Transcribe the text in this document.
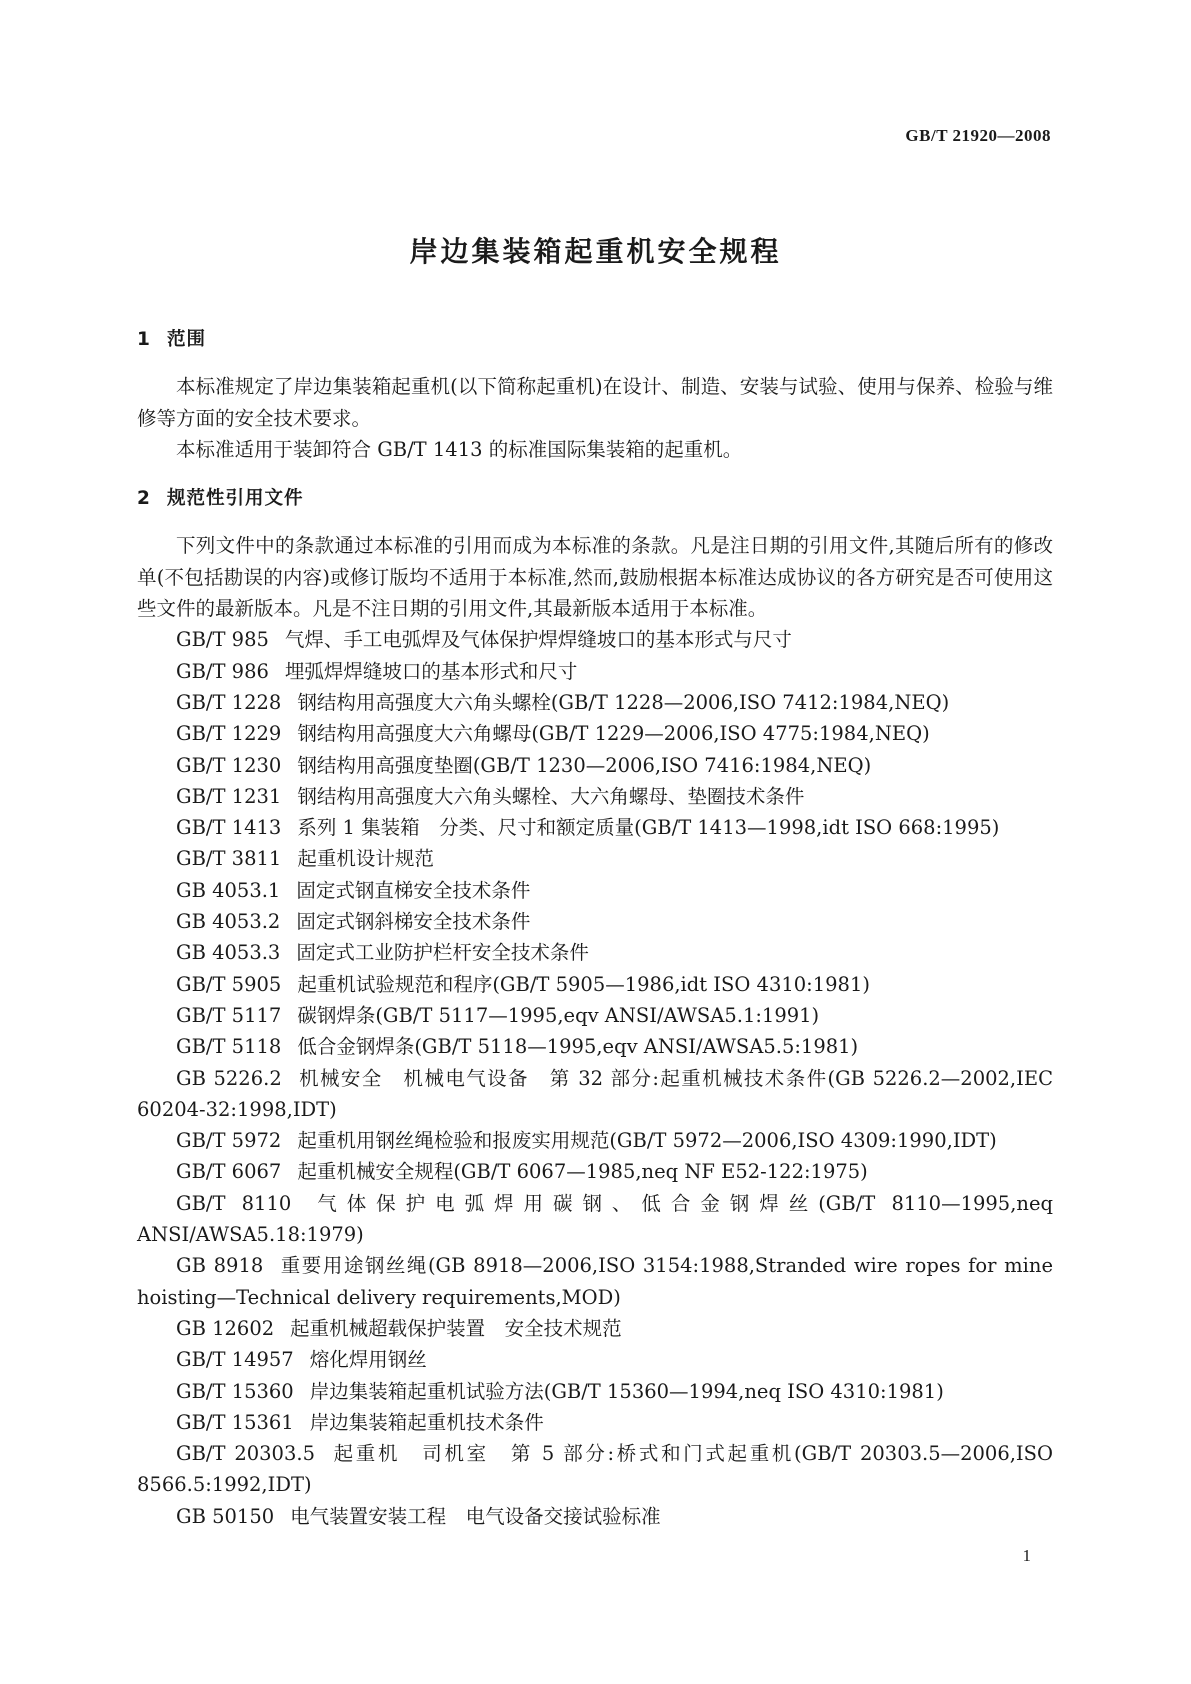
GB/T 21920—2008
岸边集装箱起重机安全规程
1 范围

本标准规定了岸边集装箱起重机(以下简称起重机)在设计、制造、安装与试验、使用与保养、检验与维修等方面的安全技术要求。

本标准适用于装卸符合 GB/T 1413 的标准国际集装箱的起重机。

2 规范性引用文件

下列文件中的条款通过本标准的引用而成为本标准的条款。凡是注日期的引用文件,其随后所有的修改单(不包括勘误的内容)或修订版均不适用于本标准,然而,鼓励根据本标准达成协议的各方研究是否可使用这些文件的最新版本。凡是不注日期的引用文件,其最新版本适用于本标准。

GB/T 985 气焊、手工电弧焊及气体保护焊焊缝坡口的基本形式与尺寸

GB/T 986 埋弧焊焊缝坡口的基本形式和尺寸

GB/T 1228 钢结构用高强度大六角头螺栓(GB/T 1228—2006,ISO 7412:1984,NEQ)

GB/T 1229 钢结构用高强度大六角螺母(GB/T 1229—2006,ISO 4775:1984,NEQ)

GB/T 1230 钢结构用高强度垫圈(GB/T 1230—2006,ISO 7416:1984,NEQ)

GB/T 1231 钢结构用高强度大六角头螺栓、大六角螺母、垫圈技术条件

GB/T 1413 系列 1 集装箱　分类、尺寸和额定质量(GB/T 1413—1998,idt ISO 668:1995)

GB/T 3811 起重机设计规范

GB 4053.1 固定式钢直梯安全技术条件

GB 4053.2 固定式钢斜梯安全技术条件

GB 4053.3 固定式工业防护栏杆安全技术条件

GB/T 5905 起重机试验规范和程序(GB/T 5905—1986,idt ISO 4310:1981)

GB/T 5117 碳钢焊条(GB/T 5117—1995,eqv ANSI/AWSA5.1:1991)

GB/T 5118 低合金钢焊条(GB/T 5118—1995,eqv ANSI/AWSA5.5:1981)

GB 5226.2 机械安全　机械电气设备　第 32 部分:起重机械技术条件(GB 5226.2—2002,IEC 60204-32:1998,IDT)

GB/T 5972 起重机用钢丝绳检验和报废实用规范(GB/T 5972—2006,ISO 4309:1990,IDT)

GB/T 6067 起重机械安全规程(GB/T 6067—1985,neq NF E52-122:1975)

GB/T 8110 气体保护电弧焊用碳钢、低合金钢焊丝(GB/T 8110—1995,neq ANSI/AWSA5.18:1979)

GB 8918 重要用途钢丝绳(GB 8918—2006,ISO 3154:1988,Stranded wire ropes for mine hoisting—Technical delivery requirements,MOD)

GB 12602 起重机械超载保护装置　安全技术规范

GB/T 14957 熔化焊用钢丝

GB/T 15360 岸边集装箱起重机试验方法(GB/T 15360—1994,neq ISO 4310:1981)

GB/T 15361 岸边集装箱起重机技术条件

GB/T 20303.5 起重机　司机室　第 5 部分:桥式和门式起重机(GB/T 20303.5—2006,ISO 8566.5:1992,IDT)

GB 50150 电气装置安装工程　电气设备交接试验标准

1
